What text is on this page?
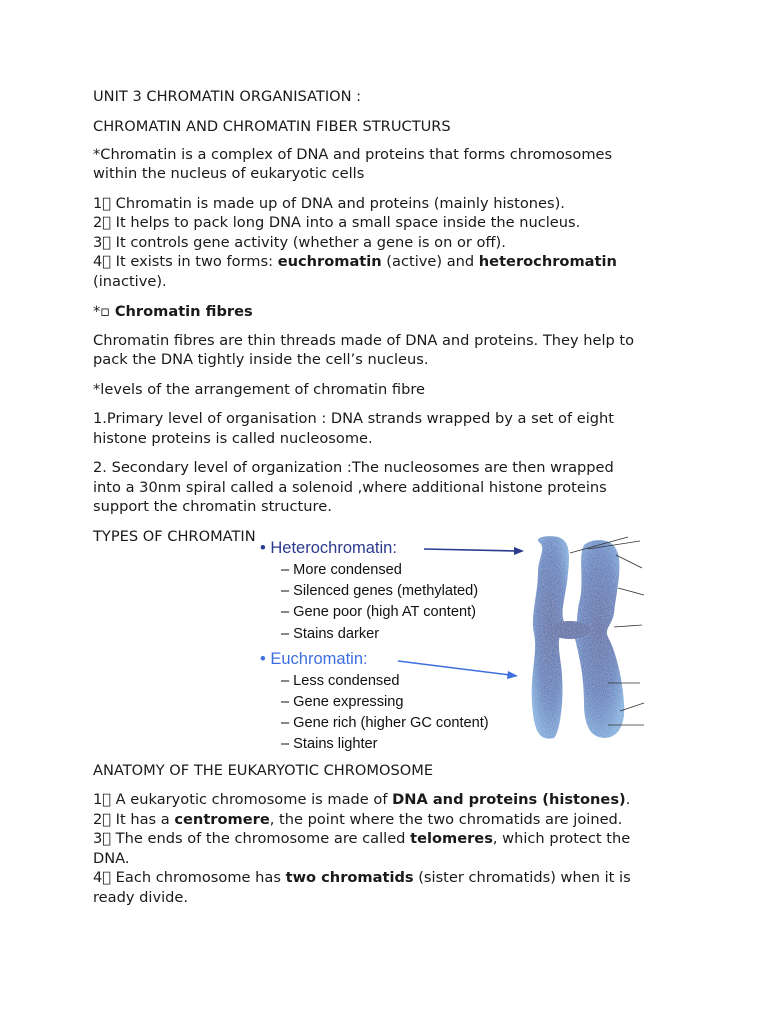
UNIT 3 CHROMATIN ORGANISATION :
CHROMATIN AND CHROMATIN FIBER STRUCTURS
*Chromatin is a complex of DNA and proteins that forms chromosomes
within the nucleus of eukaryotic cells
1⃣ Chromatin is made up of DNA and proteins (mainly histones).
2⃣ It helps to pack long DNA into a small space inside the nucleus.
3⃣ It controls gene activity (whether a gene is on or off).
4⃣ It exists in two forms: euchromatin (active) and heterochromatin
(inactive).
*▫ Chromatin fibres
Chromatin fibres are thin threads made of DNA and proteins. They help to
pack the DNA tightly inside the cell’s nucleus.
*levels of the arrangement of chromatin fibre
1.Primary level of organisation : DNA strands wrapped by a set of eight
histone proteins is called nucleosome.
2. Secondary level of organization :The nucleosomes are then wrapped
into a 30nm spiral called a solenoid ,where additional histone proteins
support the chromatin structure.
TYPES OF CHROMATIN
• Heterochromatin:
– More condensed
– Silenced genes (methylated)
– Gene poor (high AT content)
– Stains darker
• Euchromatin:
– Less condensed
– Gene expressing
– Gene rich (higher GC content)
– Stains lighter
ANATOMY OF THE EUKARYOTIC CHROMOSOME
1⃣ A eukaryotic chromosome is made of DNA and proteins (histones).
2⃣ It has a centromere, the point where the two chromatids are joined.
3⃣ The ends of the chromosome are called telomeres, which protect the
DNA.
4⃣ Each chromosome has two chromatids (sister chromatids) when it is
ready divide.
